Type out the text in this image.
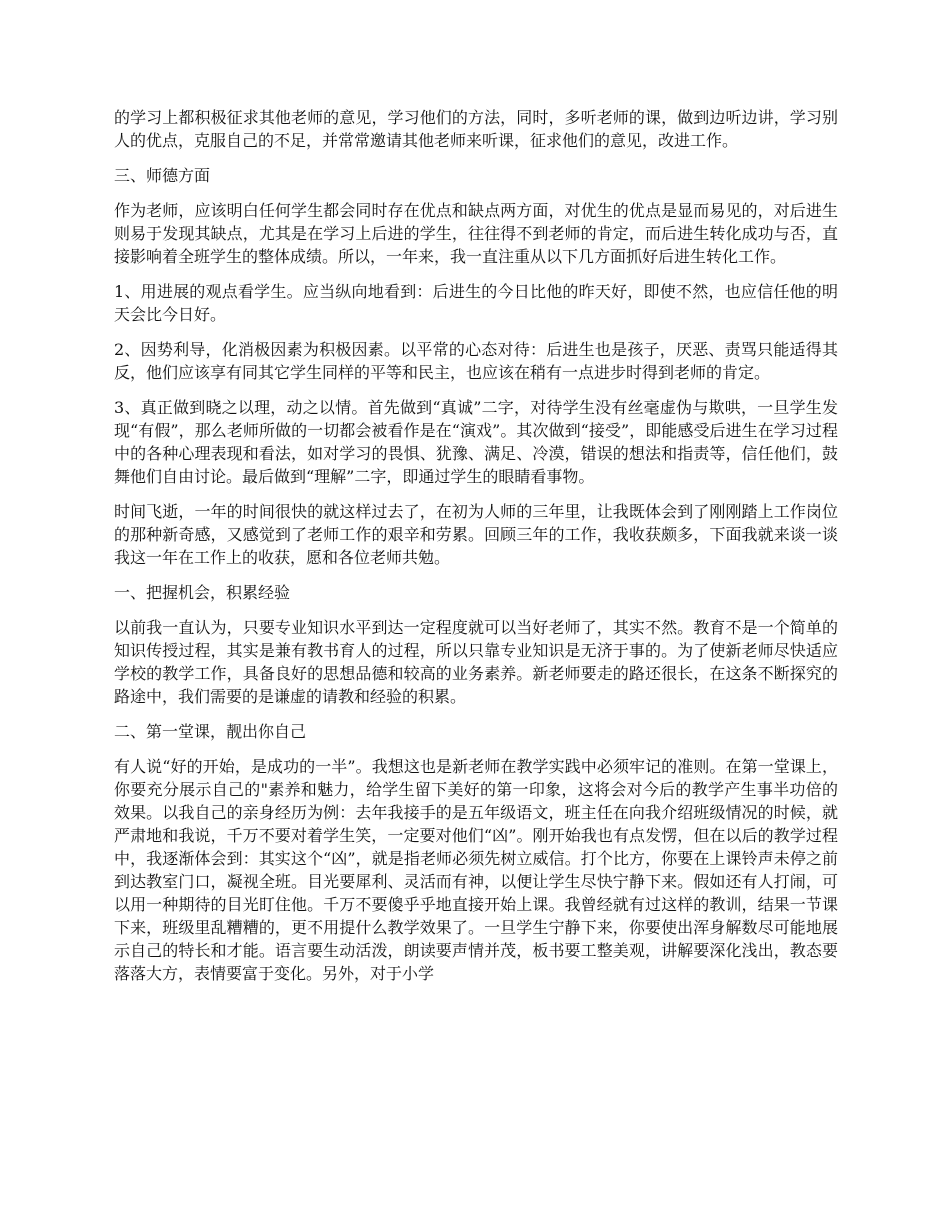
的学习上都积极征求其他老师的意见，学习他们的方法，同时，多听老师的课，做到边听边讲，学习别人的优点，克服自己的不足，并常常邀请其他老师来听课，征求他们的意见，改进工作。

三、师德方面

作为老师，应该明白任何学生都会同时存在优点和缺点两方面，对优生的优点是显而易见的，对后进生则易于发现其缺点，尤其是在学习上后进的学生，往往得不到老师的肯定，而后进生转化成功与否，直接影响着全班学生的整体成绩。所以，一年来，我一直注重从以下几方面抓好后进生转化工作。

1、用进展的观点看学生。应当纵向地看到：后进生的今日比他的昨天好，即使不然，也应信任他的明天会比今日好。

2、因势利导，化消极因素为积极因素。以平常的心态对待：后进生也是孩子，厌恶、责骂只能适得其反，他们应该享有同其它学生同样的平等和民主，也应该在稍有一点进步时得到老师的肯定。

3、真正做到晓之以理，动之以情。首先做到“真诚”二字，对待学生没有丝毫虚伪与欺哄，一旦学生发现“有假”，那么老师所做的一切都会被看作是在“演戏”。其次做到“接受”，即能感受后进生在学习过程中的各种心理表现和看法，如对学习的畏惧、犹豫、满足、冷漠，错误的想法和指责等，信任他们，鼓舞他们自由讨论。最后做到“理解”二字，即通过学生的眼睛看事物。

时间飞逝，一年的时间很快的就这样过去了，在初为人师的三年里，让我既体会到了刚刚踏上工作岗位的那种新奇感，又感觉到了老师工作的艰辛和劳累。回顾三年的工作，我收获颇多，下面我就来谈一谈我这一年在工作上的收获，愿和各位老师共勉。

一、把握机会，积累经验

以前我一直认为，只要专业知识水平到达一定程度就可以当好老师了，其实不然。教育不是一个简单的知识传授过程，其实是兼有教书育人的过程，所以只靠专业知识是无济于事的。为了使新老师尽快适应学校的教学工作，具备良好的思想品德和较高的业务素养。新老师要走的路还很长，在这条不断探究的路途中，我们需要的是谦虚的请教和经验的积累。

二、第一堂课，靓出你自己

有人说“好的开始，是成功的一半”。我想这也是新老师在教学实践中必须牢记的准则。在第一堂课上，你要充分展示自己的"素养和魅力，给学生留下美好的第一印象，这将会对今后的教学产生事半功倍的效果。以我自己的亲身经历为例：去年我接手的是五年级语文，班主任在向我介绍班级情况的时候，就严肃地和我说，千万不要对着学生笑，一定要对他们“凶”。刚开始我也有点发愣，但在以后的教学过程中，我逐渐体会到：其实这个“凶”，就是指老师必须先树立威信。打个比方，你要在上课铃声未停之前到达教室门口，凝视全班。目光要犀利、灵活而有神，以便让学生尽快宁静下来。假如还有人打闹，可以用一种期待的目光盯住他。千万不要傻乎乎地直接开始上课。我曾经就有过这样的教训，结果一节课下来，班级里乱糟糟的，更不用提什么教学效果了。一旦学生宁静下来，你要使出浑身解数尽可能地展示自己的特长和才能。语言要生动活泼，朗读要声情并茂，板书要工整美观，讲解要深化浅出，教态要落落大方，表情要富于变化。另外，对于小学
